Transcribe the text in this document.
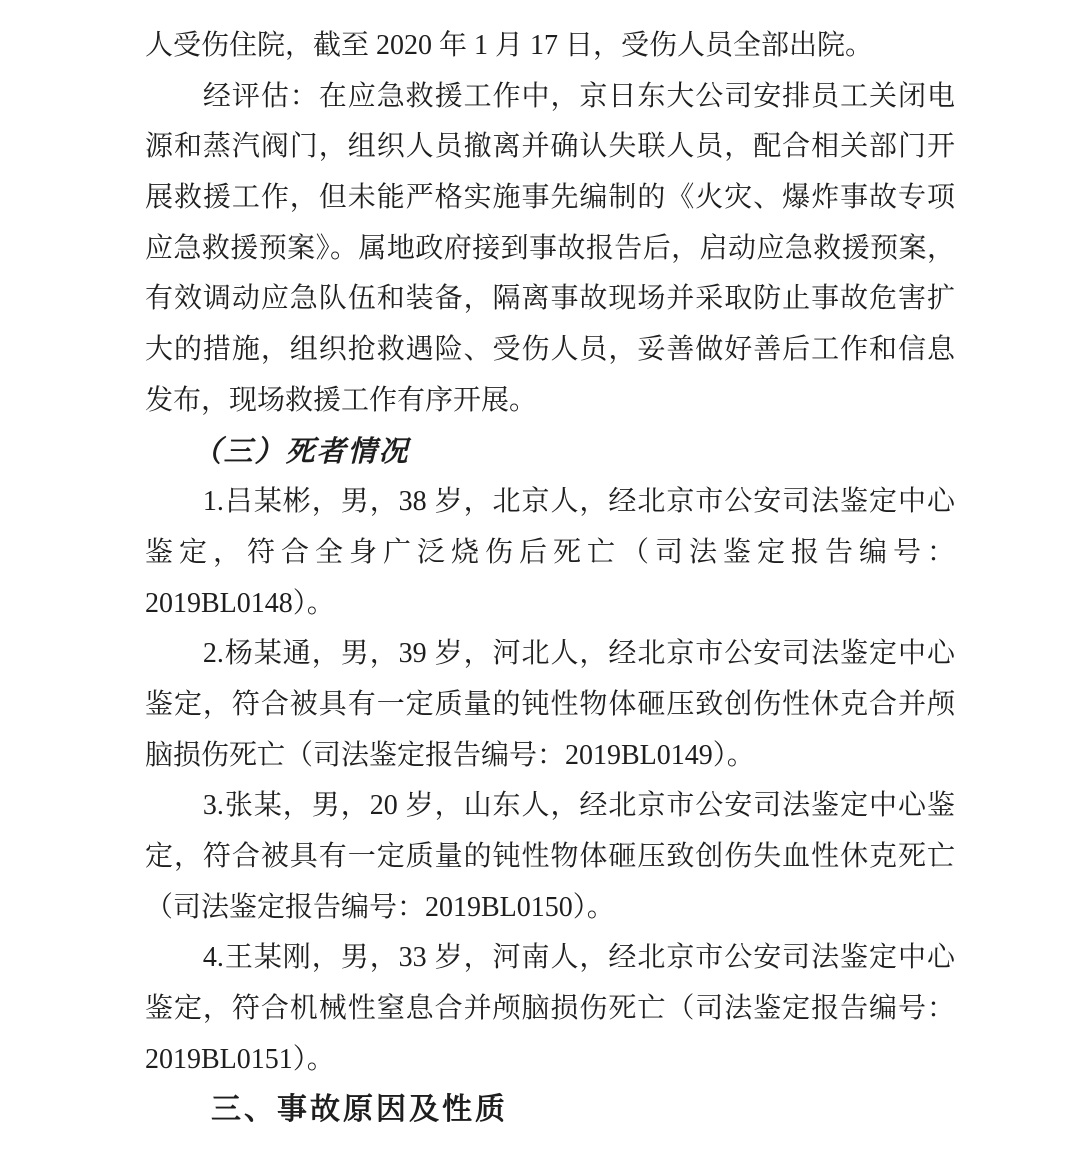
人受伤住院，截至 2020 年 1 月 17 日，受伤人员全部出院。
　　经评估：在应急救援工作中，京日东大公司安排员工关闭电
源和蒸汽阀门，组织人员撤离并确认失联人员，配合相关部门开
展救援工作，但未能严格实施事先编制的《火灾、爆炸事故专项
应急救援预案》。属地政府接到事故报告后，启动应急救援预案，
有效调动应急队伍和装备，隔离事故现场并采取防止事故危害扩
大的措施，组织抢救遇险、受伤人员，妥善做好善后工作和信息
发布，现场救援工作有序开展。
　　（三）死者情况
　　1.吕某彬，男，38 岁，北京人，经北京市公安司法鉴定中心
鉴定，符合全身广泛烧伤后死亡（司法鉴定报告编号：
2019BL0148）。
　　2.杨某通，男，39 岁，河北人，经北京市公安司法鉴定中心
鉴定，符合被具有一定质量的钝性物体砸压致创伤性休克合并颅
脑损伤死亡（司法鉴定报告编号：2019BL0149）。
　　3.张某，男，20 岁，山东人，经北京市公安司法鉴定中心鉴
定，符合被具有一定质量的钝性物体砸压致创伤失血性休克死亡
（司法鉴定报告编号：2019BL0150）。
　　4.王某刚，男，33 岁，河南人，经北京市公安司法鉴定中心
鉴定，符合机械性窒息合并颅脑损伤死亡（司法鉴定报告编号：
2019BL0151）。
　　三、事故原因及性质
